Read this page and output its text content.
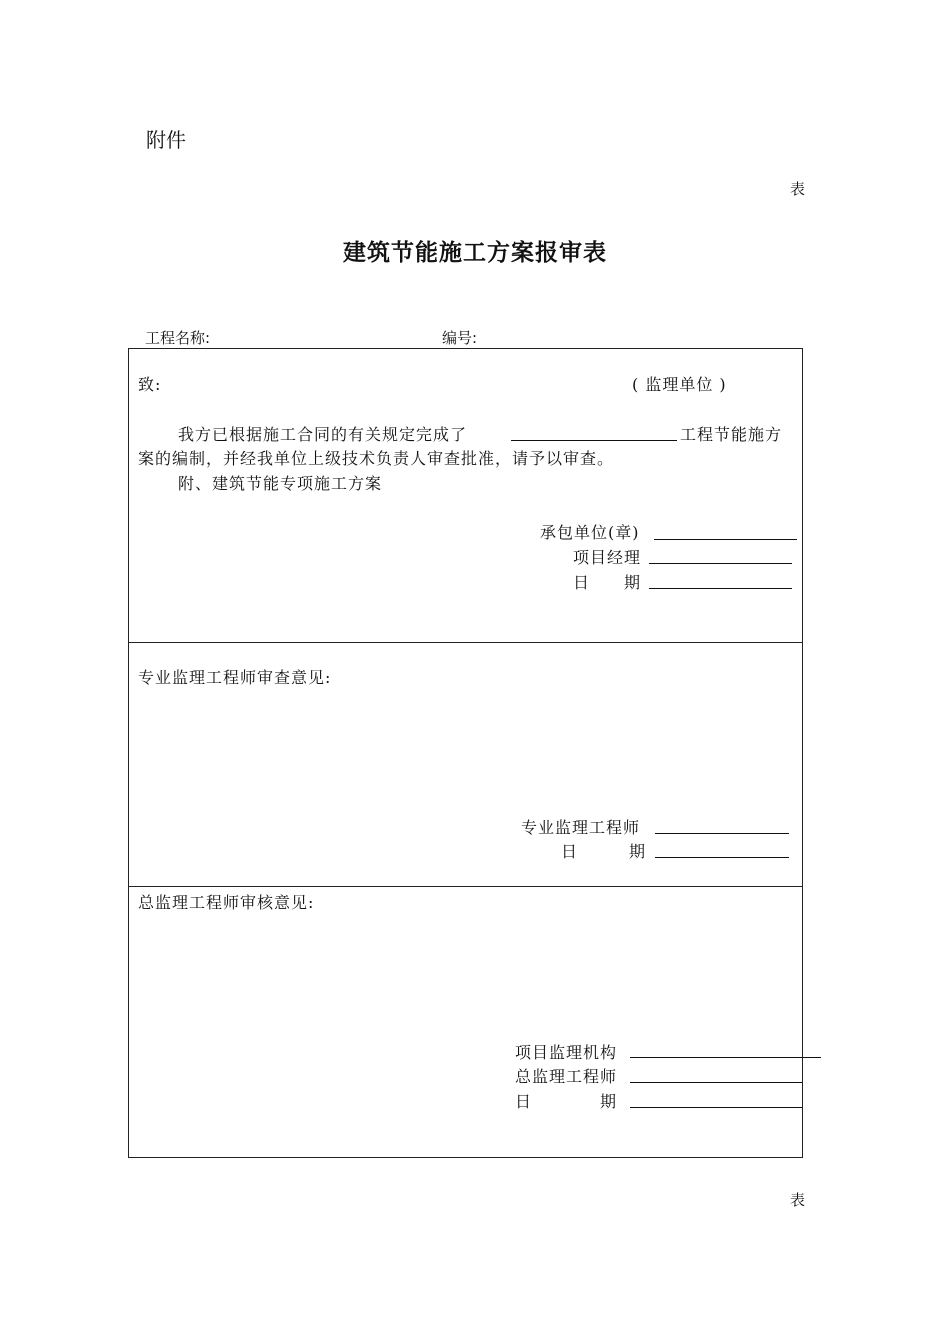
附件
表
建筑节能施工方案报审表
工程名称:	编号:
致:	( 监理单位 )
我方已根据施工合同的有关规定完成了	工程节能施方
案的编制，并经我单位上级技术负责人审查批准，请予以审查。
附、建筑节能专项施工方案
承包单位(章)
项目经理
日　　期
专业监理工程师审查意见:
专业监理工程师
日　　　期
总监理工程师审核意见:
项目监理机构
总监理工程师
日　　　　期
表
